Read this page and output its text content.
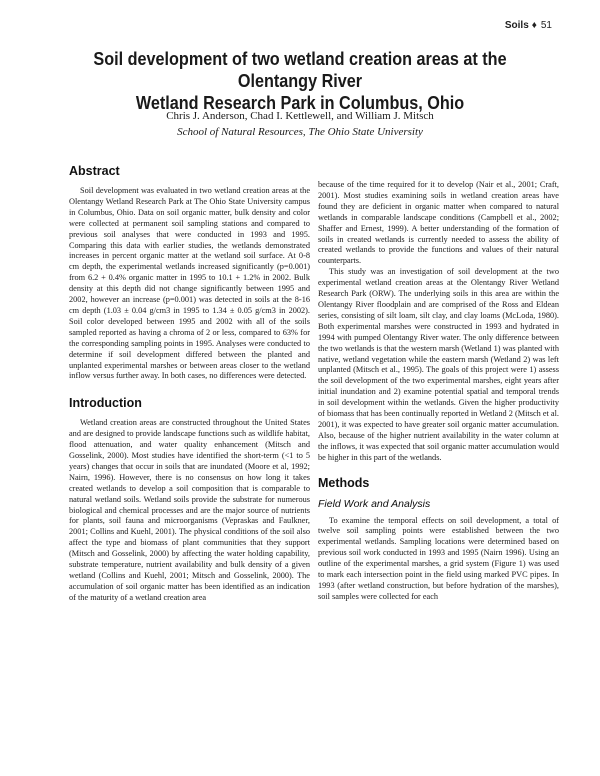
Soils ♦ 51
Soil development of two wetland creation areas at the Olentangy River
Wetland Research Park in Columbus, Ohio
Chris J. Anderson, Chad I. Kettlewell, and William J. Mitsch
School of Natural Resources, The Ohio State University
Abstract

Soil development was evaluated in two wetland creation areas at the Olentangy Wetland Research Park at The Ohio State University campus in Columbus, Ohio. Data on soil organic matter, bulk density and color were collected at permanent soil sampling stations and compared to previous soil analyses that were conducted in 1993 and 1995. Comparing this data with earlier studies, the wetlands demonstrated increases in percent organic matter at the wetland soil surface. At 0-8 cm depth, the experimental wetlands increased significantly (p=0.001) from 6.2 + 0.4% organic matter in 1995 to 10.1 + 1.2% in 2002. Bulk density at this depth did not change significantly between 1995 and 2002, however an increase (p=0.001) was detected in soils at the 8-16 cm depth (1.03 ± 0.04 g/cm3 in 1995 to 1.34 ± 0.05 g/cm3 in 2002). Soil color developed between 1995 and 2002 with all of the soils sampled reported as having a chroma of 2 or less, compared to 63% for the corresponding sampling points in 1995. Analyses were conducted to determine if soil development differed between the planted and unplanted experimental marshes or between areas closer to the wetland inflow versus further away. In both cases, no differences were detected.

Introduction

Wetland creation areas are constructed throughout the United States and are designed to provide landscape functions such as wildlife habitat, flood attenuation, and water quality enhancement (Mitsch and Gosselink, 2000). Most studies have identified the short-term (<1 to 5 years) changes that occur in soils that are inundated (Moore et al, 1992; Nairn, 1996). However, there is no consensus on how long it takes created wetlands to develop a soil composition that is comparable to natural wetland soils. Wetland soils provide the substrate for numerous biological and chemical processes and are the major source of nutrients for plants, soil fauna and microorganisms (Vepraskas and Faulkner, 2001; Collins and Kuehl, 2001). The physical conditions of the soil also affect the type and biomass of plant communities that they support (Mitsch and Gosselink, 2000) by affecting the water holding capability, substrate temperature, nutrient availability and bulk density of a given wetland (Collins and Kuehl, 2001; Mitsch and Gosselink, 2000). The accumulation of soil organic matter has been identified as an indication of the maturity of a wetland creation area

because of the time required for it to develop (Nair et al., 2001; Craft, 2001). Most studies examining soils in wetland creation areas have found they are deficient in organic matter when compared to natural wetlands in comparable landscape conditions (Campbell et al., 2002; Shaffer and Ernest, 1999). A better understanding of the formation of soils in created wetlands is currently needed to assess the ability of created wetlands to provide the functions and values of their natural counterparts.

This study was an investigation of soil development at the two experimental wetland creation areas at the Olentangy River Wetland Research Park (ORW). The underlying soils in this area are within the Olentangy River floodplain and are comprised of the Ross and Eldean series, consisting of silt loam, silt clay, and clay loams (McLoda, 1980). Both experimental marshes were constructed in 1993 and hydrated in 1994 with pumped Olentangy River water. The only difference between the two wetlands is that the western marsh (Wetland 1) was planted with native, wetland vegetation while the eastern marsh (Wetland 2) was left unplanted (Mitsch et al., 1995). The goals of this project were 1) assess the soil development of the two experimental marshes, eight years after initial inundation and 2) examine potential spatial and temporal trends in soil development within the wetlands. Given the higher productivity of biomass that has been continually reported in Wetland 2 (Mitsch et al. 2001), it was expected to have greater soil organic matter accumulation. Also, because of the higher nutrient availability in the water column at the inflows, it was expected that soil organic matter accumulation would be higher in this part of the wetlands.

Methods
Field Work and Analysis

To examine the temporal effects on soil development, a total of twelve soil sampling points were established between the two experimental wetlands. Sampling locations were determined based on previous soil work conducted in 1993 and 1995 (Nairn 1996). Using an outline of the experimental marshes, a grid system (Figure 1) was used to mark each intersection point in the field using marked PVC pipes. In 1993 (after wetland construction, but before hydration of the marshes), soil samples were collected for each
